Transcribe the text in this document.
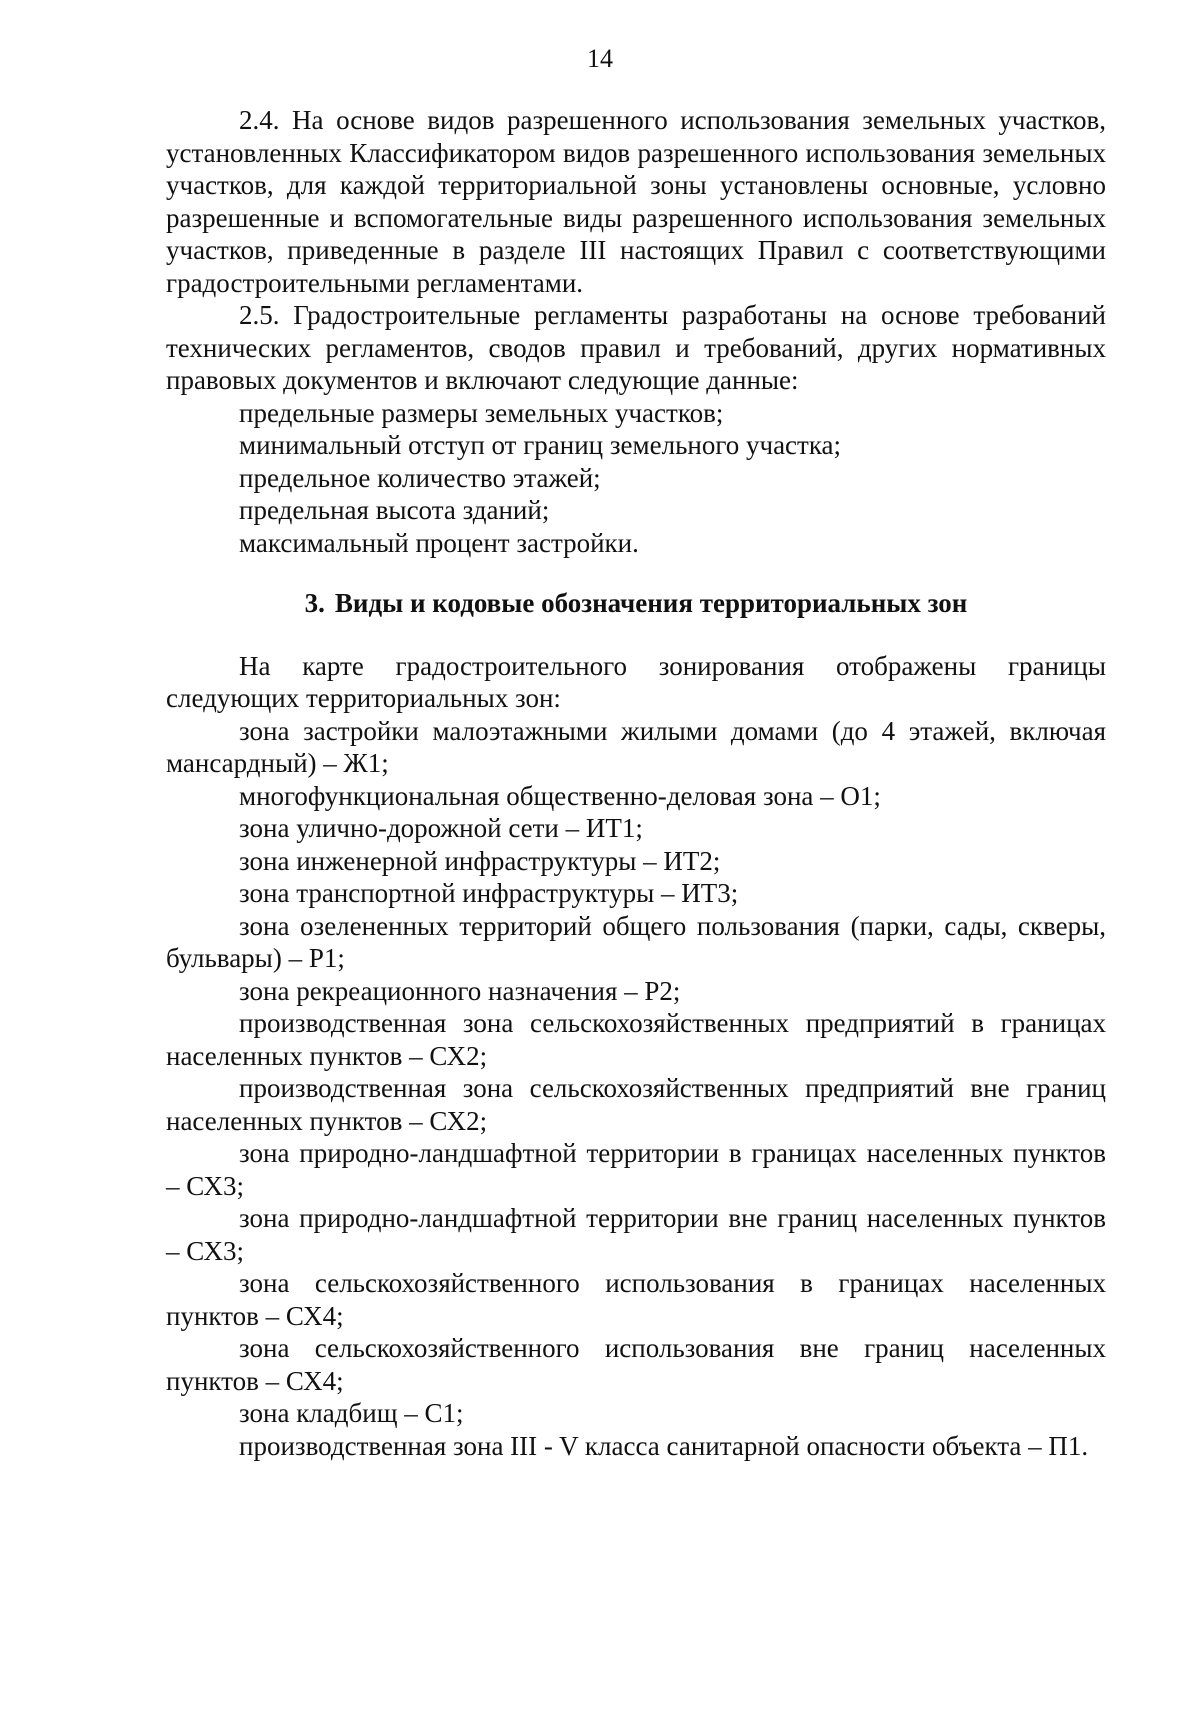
14

2.4. На основе видов разрешенного использования земельных участков, установленных Классификатором видов разрешенного использования земельных участков, для каждой территориальной зоны установлены основные, условно разрешенные и вспомогательные виды разрешенного использования земельных участков, приведенные в разделе III настоящих Правил с соответствующими градостроительными регламентами.

2.5. Градостроительные регламенты разработаны на основе требований технических регламентов, сводов правил и требований, других нормативных правовых документов и включают следующие данные:

предельные размеры земельных участков;

минимальный отступ от границ земельного участка;

предельное количество этажей;

предельная высота зданий;

максимальный процент застройки.

3. Виды и кодовые обозначения территориальных зон

На карте градостроительного зонирования отображены границы следующих территориальных зон:

зона застройки малоэтажными жилыми домами (до 4 этажей, включая мансардный) – Ж1;

многофункциональная общественно-деловая зона – О1;

зона улично-дорожной сети – ИТ1;

зона инженерной инфраструктуры – ИТ2;

зона транспортной инфраструктуры – ИТ3;

зона озелененных территорий общего пользования (парки, сады, скверы, бульвары) – Р1;

зона рекреационного назначения – Р2;

производственная зона сельскохозяйственных предприятий в границах населенных пунктов – СХ2;

производственная зона сельскохозяйственных предприятий вне границ населенных пунктов – СХ2;

зона природно-ландшафтной территории в границах населенных пунктов – СХ3;

зона природно-ландшафтной территории вне границ населенных пунктов – СХ3;

зона сельскохозяйственного использования в границах населенных пунктов – СХ4;

зона сельскохозяйственного использования вне границ населенных пунктов – СХ4;

зона кладбищ – С1;

производственная зона III - V класса санитарной опасности объекта – П1.
